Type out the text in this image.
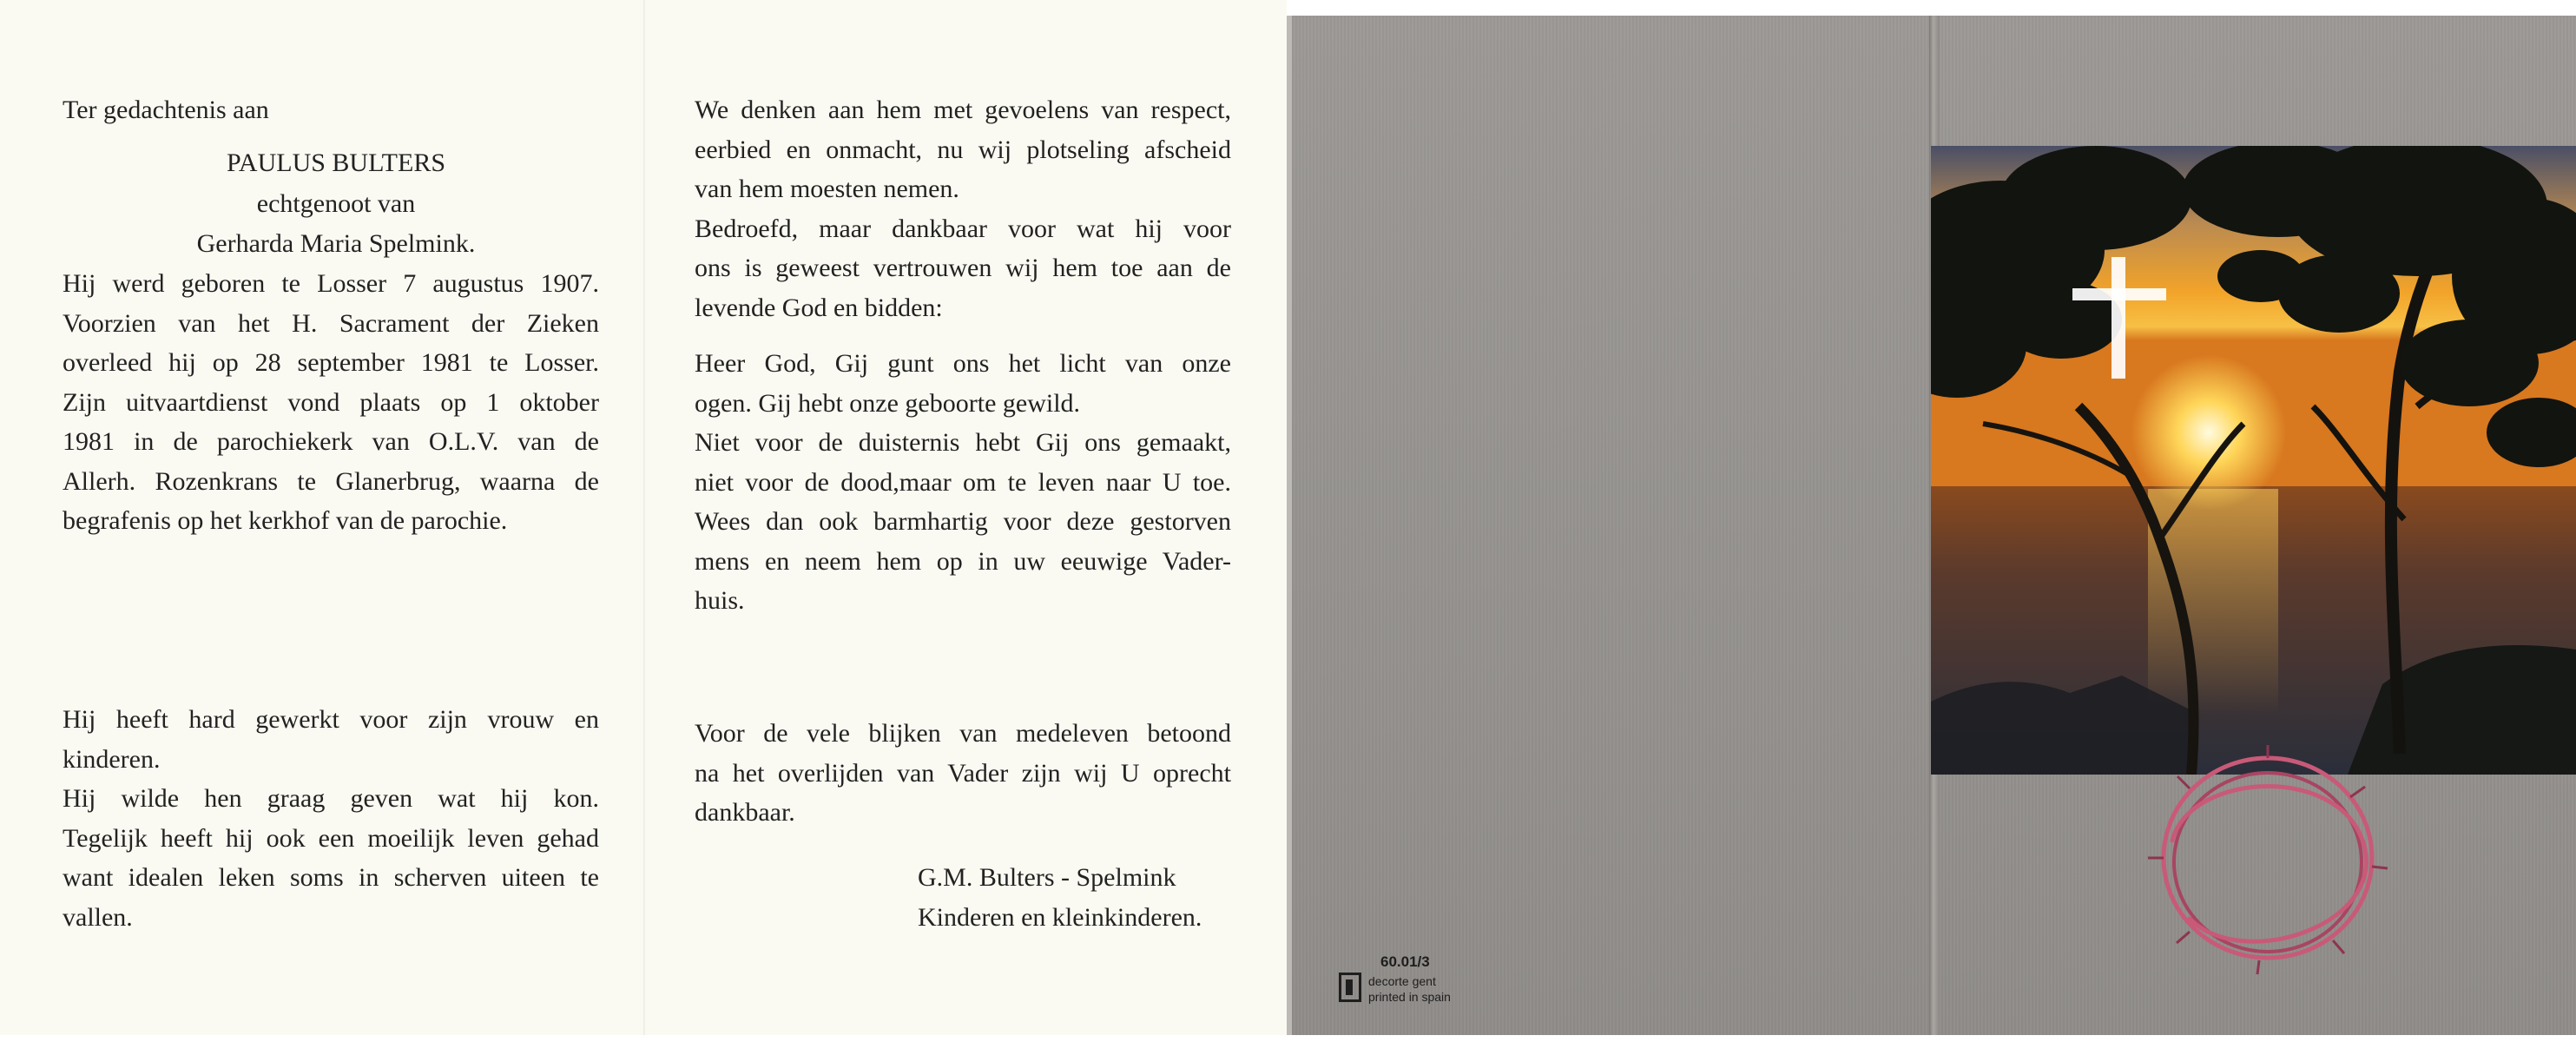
Ter gedachtenis aan

PAULUS BULTERS

echtgenoot van

Gerharda Maria Spelmink.

Hij werd geboren te Losser 7 augustus 1907.

Voorzien van het H. Sacrament der Zieken

overleed hij op 28 september 1981 te Losser.

Zijn uitvaartdienst vond plaats op 1 oktober

1981 in de parochiekerk van O.L.V. van de

Allerh. Rozenkrans te Glanerbrug, waarna de

begrafenis op het kerkhof van de parochie.

Hij heeft hard gewerkt voor zijn vrouw en

kinderen.

Hij wilde hen graag geven wat hij kon.

Tegelijk heeft hij ook een moeilijk leven gehad

want idealen leken soms in scherven uiteen te

vallen.

We denken aan hem met gevoelens van respect,

eerbied en onmacht, nu wij plotseling afscheid

van hem moesten nemen.

Bedroefd, maar dankbaar voor wat hij voor

ons is geweest vertrouwen wij hem toe aan de

levende God en bidden:

Heer God, Gij gunt ons het licht van onze

ogen. Gij hebt onze geboorte gewild.

Niet voor de duisternis hebt Gij ons gemaakt,

niet voor de dood,maar om te leven naar U toe.

Wees dan ook barmhartig voor deze gestorven

mens en neem hem op in uw eeuwige Vader-

huis.

Voor de vele blijken van medeleven betoond

na het overlijden van Vader zijn wij U oprecht

dankbaar.

G.M. Bulters - Spelmink

Kinderen en kleinkinderen.

60.01/3
decorte gent
printed in spain
